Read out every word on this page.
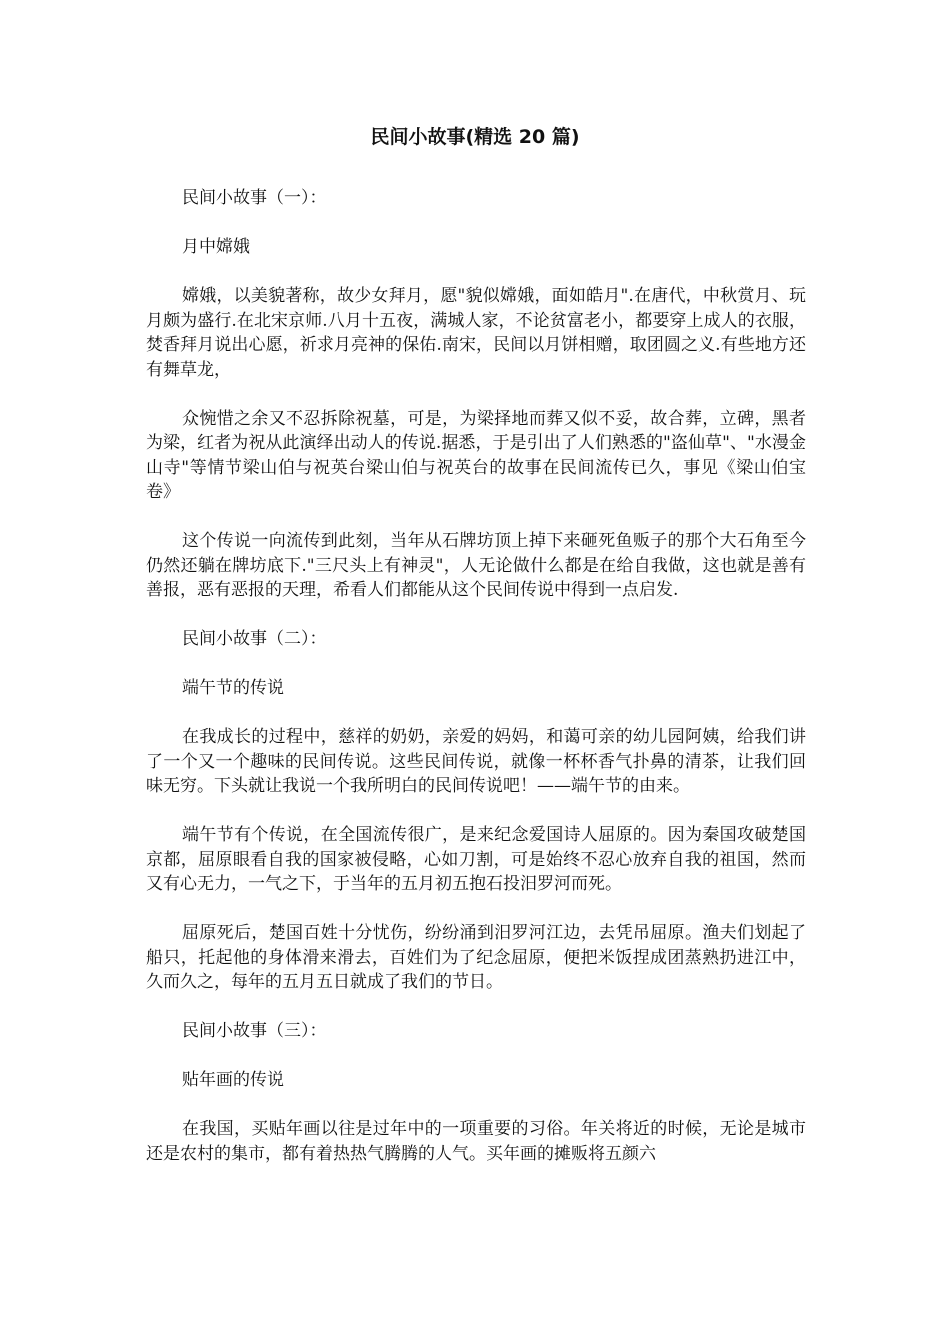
民间小故事(精选 20 篇)

民间小故事（一）：

月中嫦娥

嫦娥，以美貌著称，故少女拜月，愿"貌似嫦娥，面如皓月".在唐代，中秋赏月、玩月颇为盛行.在北宋京师.八月十五夜，满城人家，不论贫富老小，都要穿上成人的衣服，焚香拜月说出心愿，祈求月亮神的保佑.南宋，民间以月饼相赠，取团圆之义.有些地方还有舞草龙，

众惋惜之余又不忍拆除祝墓，可是，为梁择地而葬又似不妥，故合葬，立碑，黑者为梁，红者为祝从此演绎出动人的传说.据悉，于是引出了人们熟悉的"盗仙草"、"水漫金山寺"等情节梁山伯与祝英台梁山伯与祝英台的故事在民间流传已久，事见《梁山伯宝卷》

这个传说一向流传到此刻，当年从石牌坊顶上掉下来砸死鱼贩子的那个大石角至今仍然还躺在牌坊底下."三尺头上有神灵"，人无论做什么都是在给自我做，这也就是善有善报，恶有恶报的天理，希看人们都能从这个民间传说中得到一点启发.

民间小故事（二）：

端午节的传说

在我成长的过程中，慈祥的奶奶，亲爱的妈妈，和蔼可亲的幼儿园阿姨，给我们讲了一个又一个趣味的民间传说。这些民间传说，就像一杯杯香气扑鼻的清茶，让我们回味无穷。下头就让我说一个我所明白的民间传说吧！——端午节的由来。

端午节有个传说，在全国流传很广，是来纪念爱国诗人屈原的。因为秦国攻破楚国京都，屈原眼看自我的国家被侵略，心如刀割，可是始终不忍心放弃自我的祖国，然而又有心无力，一气之下，于当年的五月初五抱石投汨罗河而死。

屈原死后，楚国百姓十分忧伤，纷纷涌到汨罗河江边，去凭吊屈原。渔夫们划起了船只，托起他的身体滑来滑去，百姓们为了纪念屈原，便把米饭捏成团蒸熟扔进江中，久而久之，每年的五月五日就成了我们的节日。

民间小故事（三）：

贴年画的传说

在我国，买贴年画以往是过年中的一项重要的习俗。年关将近的时候，无论是城市还是农村的集市，都有着热热气腾腾的人气。买年画的摊贩将五颜六
